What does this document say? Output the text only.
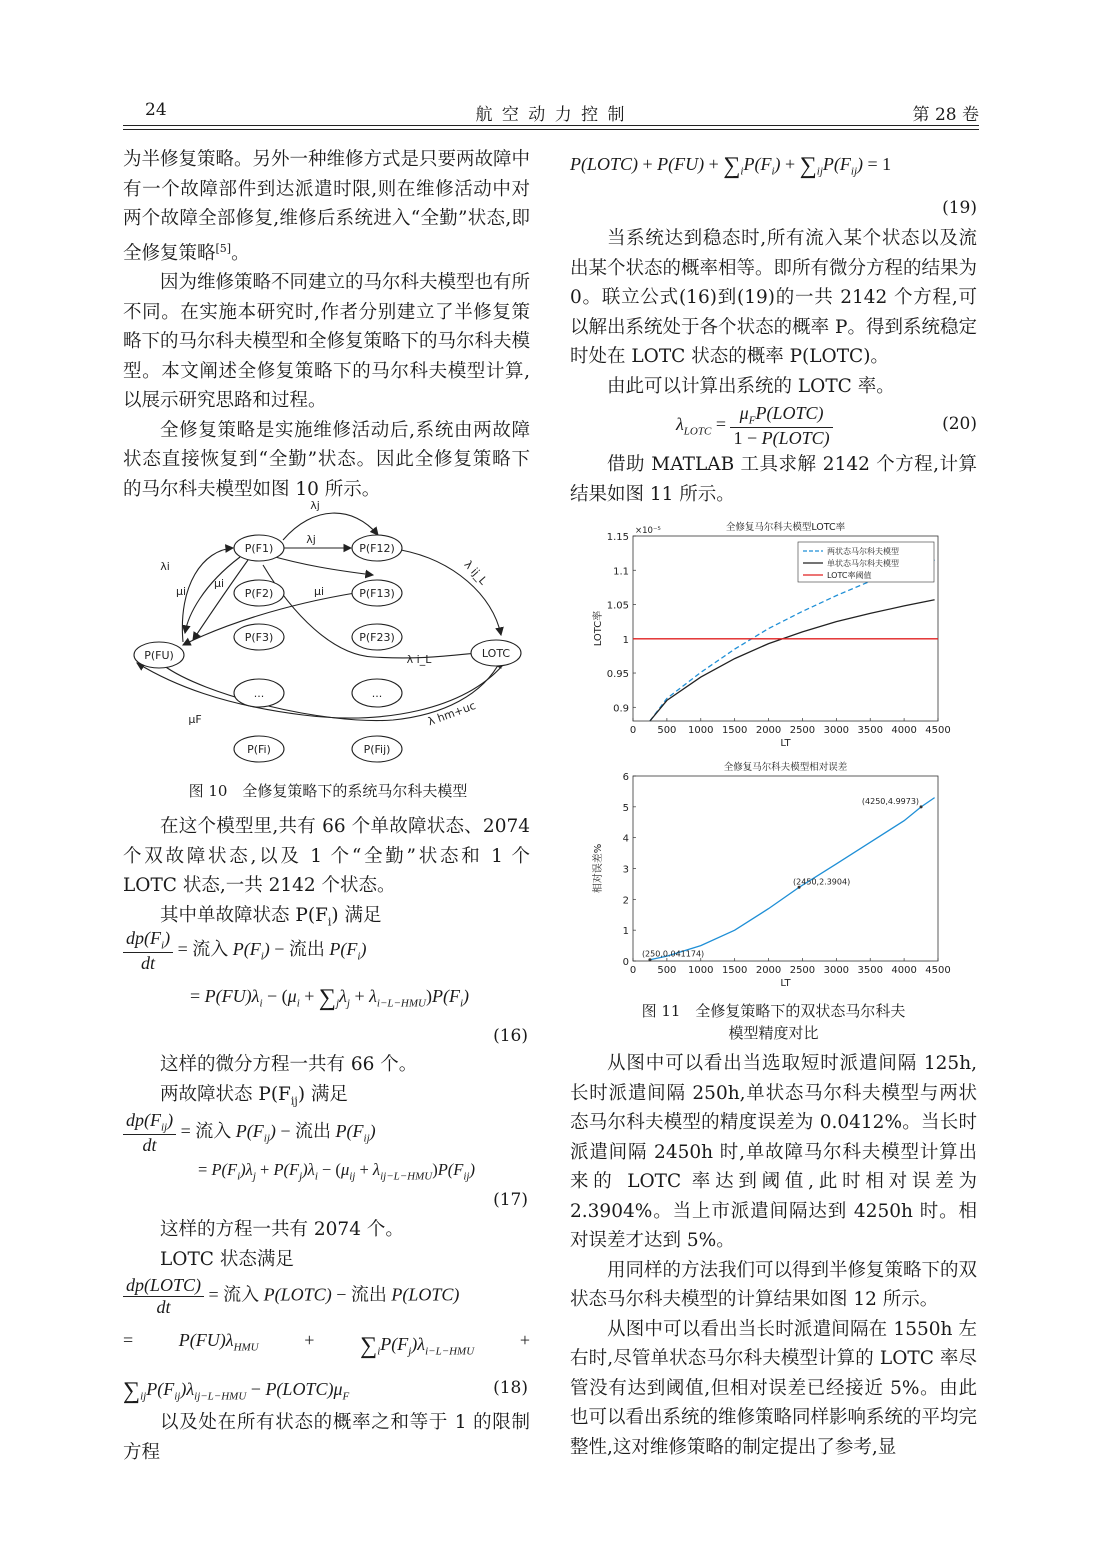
24	航 空 动 力 控 制	第 28 卷

为半修复策略。另外一种维修方式是只要两故障中有一个故障部件到达派遣时限,则在维修活动中对两个故障全部修复,维修后系统进入“全勤”状态,即全修复策略[5]。

因为维修策略不同建立的马尔科夫模型也有所不同。在实施本研究时,作者分别建立了半修复策略下的马尔科夫模型和全修复策略下的马尔科夫模型。本文阐述全修复策略下的马尔科夫模型计算,以展示研究思路和过程。

全修复策略是实施维修活动后,系统由两故障状态直接恢复到“全勤”状态。因此全修复策略下的马尔科夫模型如图 10 所示。

P(F1)	P(F12)
P(F2)	P(F13)
P(F3)	P(F23)
P(FU)	LOTC
...	...
P(Fi)	P(Fij)
λj
λj
λi
μi
μi
μi
λ ij_L
λ i_L
μF	λ hm+uc
图 10　全修复策略下的系统马尔科夫模型

在这个模型里,共有 66 个单故障状态、2074 个双故障状态,以及 1 个“全勤”状态和 1 个 LOTC 状态,一共 2142 个状态。

其中单故障状态 $P(F_i)$ 满足

$\frac{dp(F_i)}{dt}$ = 流入 $P(F_i)$ − 流出 $P(F_i)$
= $P(FU)\lambda_i - (\mu_i + \sum_j\lambda_j + \lambda_{i-L-HMU})P(F_i)$
(16)

这样的微分方程一共有 66 个。

两故障状态 $P(F_{ij})$ 满足

$\frac{dp(F_{ij})}{dt}$ = 流入 $P(F_{ij})$ − 流出 $P(F_{ij})$
= $P(F_i)\lambda_j + P(F_j)\lambda_i - (\mu_{ij} + \lambda_{ij-L-HMU})P(F_{ij})$
(17)

这样的方程一共有 2074 个。

LOTC 状态满足

$\frac{\text{dp(LOTC)}}{dt}$ = 流入 P(LOTC) − 流出 P(LOTC)
=	$P(FU)\lambda_{HMU}$	+ $\sum_iP(F_j)\lambda_{i-L-HMU}$
+
$\sum_{ij}P(F_{ij})\lambda_{ij-L-HMU}$ − $P(LOTC)\mu_F$	(18)

以及处在所有状态的概率之和等于 1 的限制方程

P(LOTC) + $P(FU) + \sum_iP(F_i) + \sum_{ij}P(F_{ij}) = 1$
(19)

当系统达到稳态时,所有流入某个状态以及流出某个状态的概率相等。即所有微分方程的结果为 0。联立公式(16)到(19)的一共 2142 个方程,可以解出系统处于各个状态的概率 P。得到系统稳定时处在 LOTC 状态的概率 P(LOTC)。

由此可以计算出系统的 LOTC 率。

$\lambda_{LOTC} = \frac{\mu_FP(LOTC)}{\text{1 − P(LOTC)}}$	(20)

借助 MATLAB 工具求解 2142 个方程,计算结果如图 11 所示。

全修复马尔科夫模型LOTC率
0 500 1000 1500 2000 2500 3000 3500 4000 4500
0.9
0.95
1
1.05
1.1
1.15
LT
LOTC率
×10⁻⁵
两状态马尔科夫模型
单状态马尔科夫模型
LOTC率阈值
全修复马尔科夫模型相对误差
0 500 1000 1500 2000 2500 3000 3500 4000 4500
0
1
2
3
4
5
6
LT
相对误差%
(250,0.041174)
(2450,2.3904)
(4250,4.9973)
图 11　全修复策略下的双状态马尔科夫
模型精度对比

从图中可以看出当选取短时派遣间隔 125h,长时派遣间隔 250h,单状态马尔科夫模型与两状态马尔科夫模型的精度误差为 0.0412%。当长时派遣间隔 2450h 时,单故障马尔科夫模型计算出来的 LOTC 率达到阈值,此时相对误差为 2.3904%。当上市派遣间隔达到 4250h 时。相对误差才达到 5%。

用同样的方法我们可以得到半修复策略下的双状态马尔科夫模型的计算结果如图 12 所示。

从图中可以看出当长时派遣间隔在 1550h 左右时,尽管单状态马尔科夫模型计算的 LOTC 率尽管没有达到阈值,但相对误差已经接近 5%。由此也可以看出系统的维修策略同样影响系统的平均完整性,这对维修策略的制定提出了参考,显
